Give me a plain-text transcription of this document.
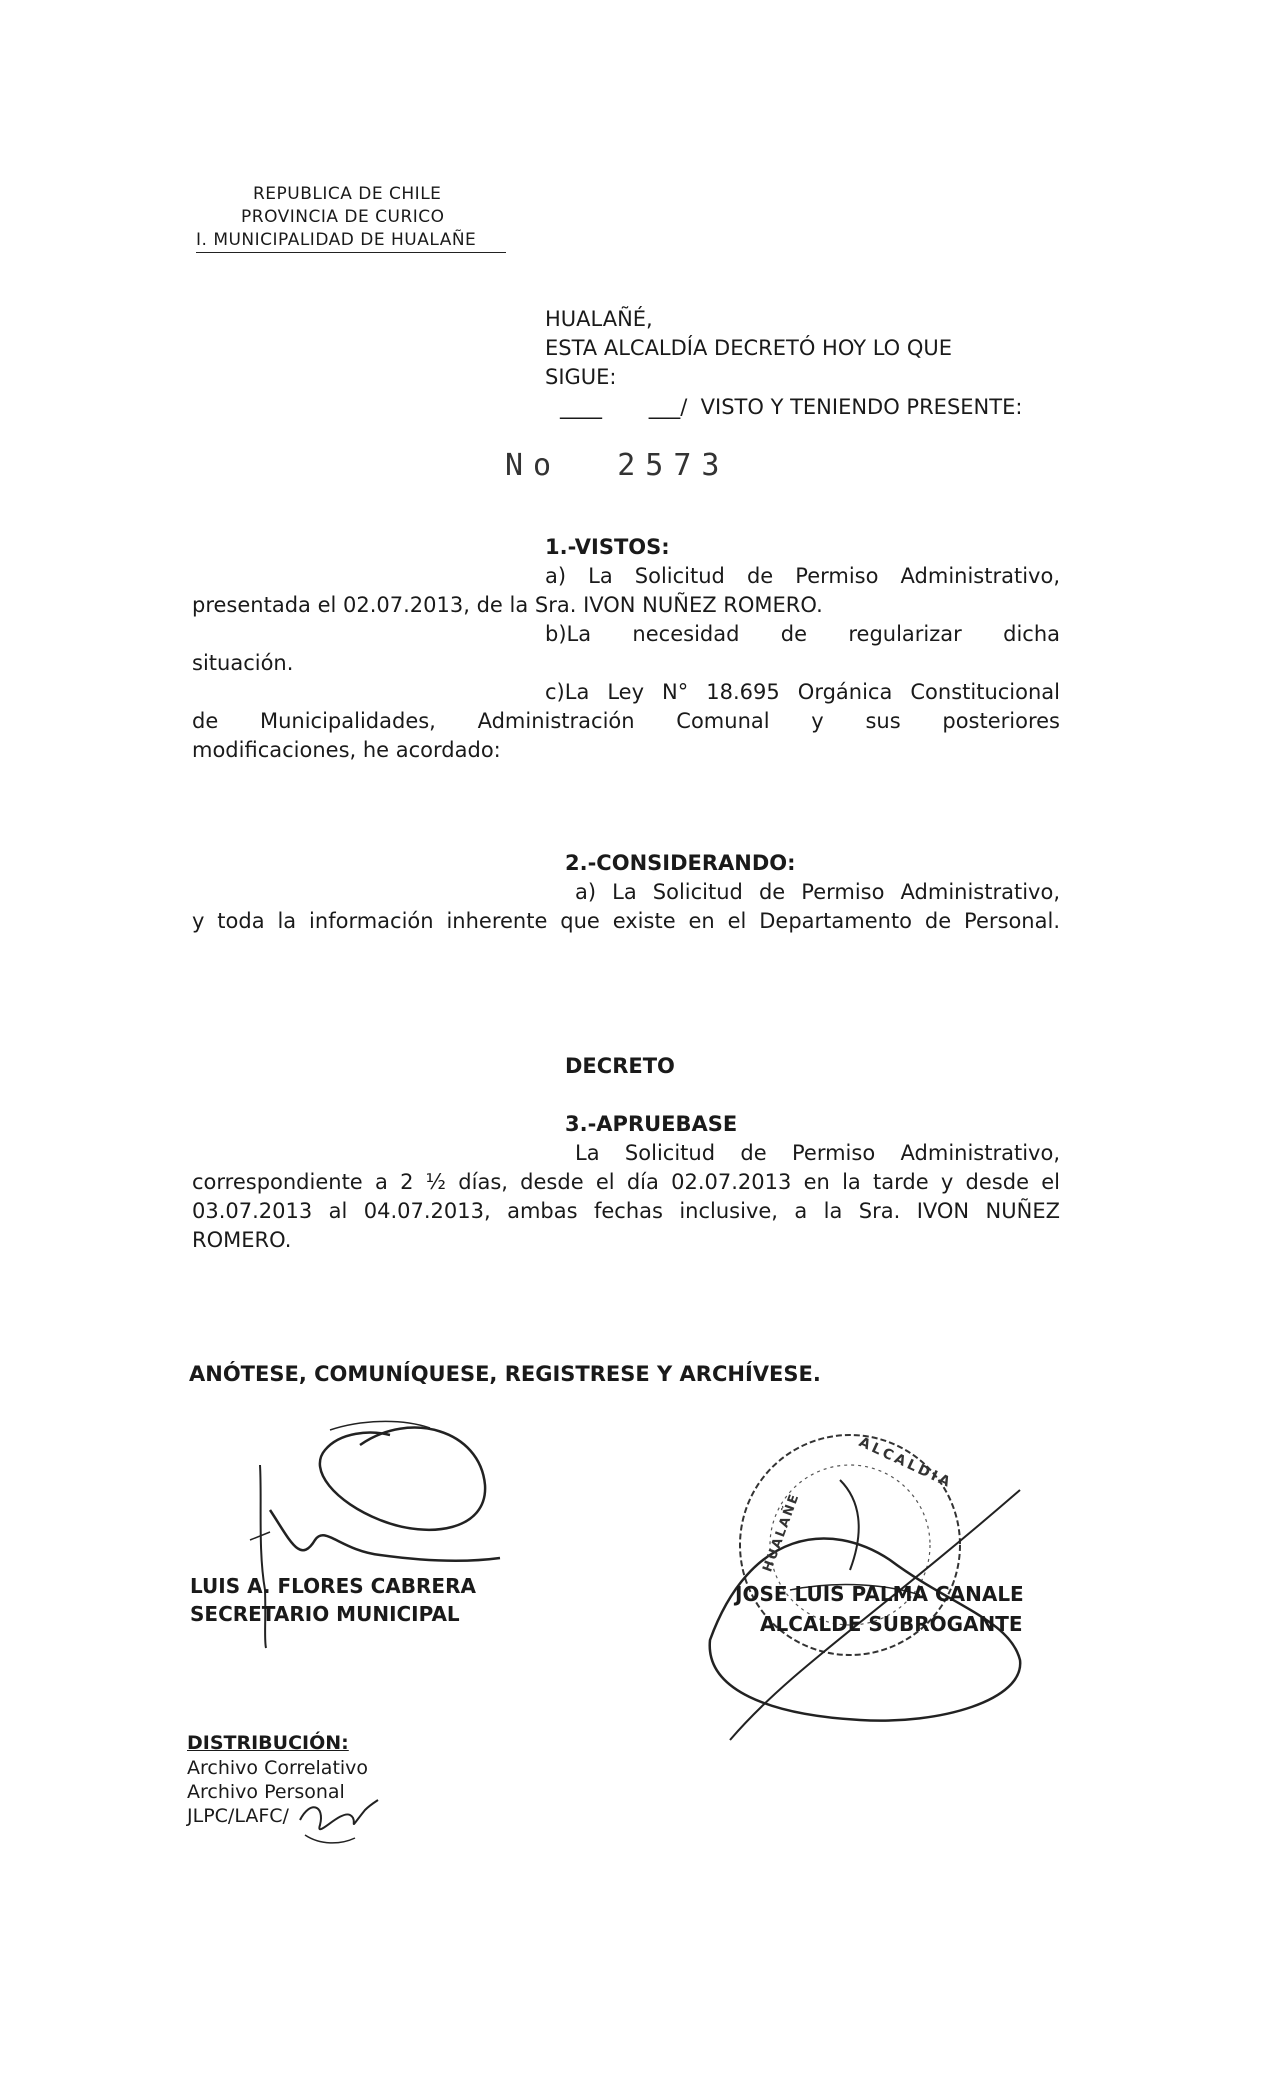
REPUBLICA DE CHILE
PROVINCIA DE CURICO
I. MUNICIPALIDAD DE HUALAÑE
HUALAÑÉ,
ESTA ALCALDÍA DECRETÓ HOY LO QUE
SIGUE:
____       ___/  VISTO Y TENIENDO PRESENTE:
No  2573
1.-VISTOS:
a) La Solicitud de Permiso Administrativo,
presentada el 02.07.2013, de la Sra. IVON NUÑEZ ROMERO.
b)La necesidad de regularizar dicha
situación.
c)La Ley N° 18.695 Orgánica Constitucional
de Municipalidades, Administración Comunal y sus posteriores
modificaciones, he acordado:
2.-CONSIDERANDO:
a) La Solicitud de Permiso Administrativo,
y toda la información inherente que existe en el Departamento de Personal.
DECRETO
3.-APRUEBASE
La Solicitud de Permiso Administrativo,
correspondiente a 2 ½ días, desde el día 02.07.2013 en la tarde y desde el
03.07.2013 al 04.07.2013, ambas fechas inclusive, a la Sra. IVON NUÑEZ
ROMERO.
ANÓTESE, COMUNÍQUESE, REGISTRESE Y ARCHÍVESE.
LUIS A. FLORES CABRERA
SECRETARIO MUNICIPAL
ALCALDIA
HUALAÑE
JOSE LUIS PALMA CANALE
ALCALDE SUBROGANTE
DISTRIBUCIÓN:
Archivo Correlativo
Archivo Personal
JLPC/LAFC/
